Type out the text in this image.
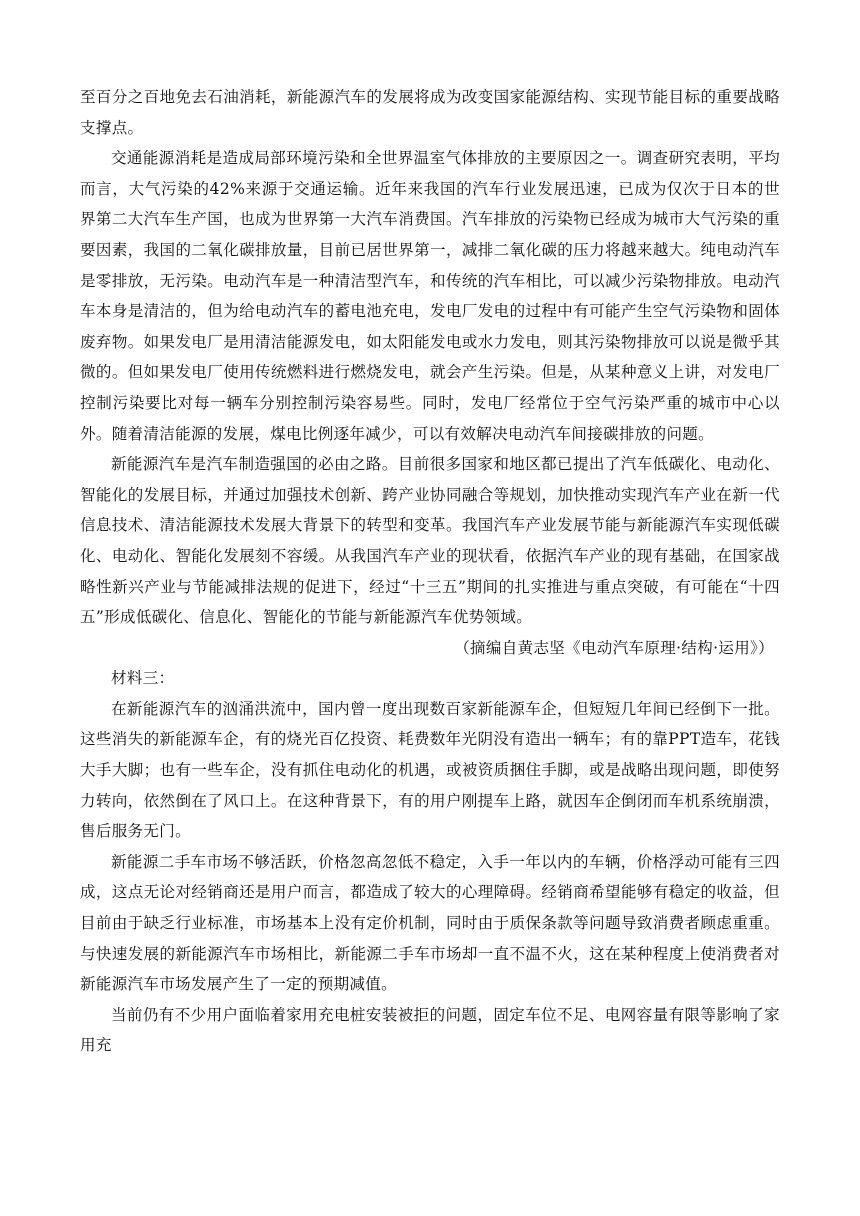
至百分之百地免去石油消耗，新能源汽车的发展将成为改变国家能源结构、实现节能目标的重要战略支撑点。

交通能源消耗是造成局部环境污染和全世界温室气体排放的主要原因之一。调查研究表明，平均而言，大气污染的42%来源于交通运输。近年来我国的汽车行业发展迅速，已成为仅次于日本的世界第二大汽车生产国，也成为世界第一大汽车消费国。汽车排放的污染物已经成为城市大气污染的重要因素，我国的二氧化碳排放量，目前已居世界第一，减排二氧化碳的压力将越来越大。纯电动汽车是零排放，无污染。电动汽车是一种清洁型汽车，和传统的汽车相比，可以减少污染物排放。电动汽车本身是清洁的，但为给电动汽车的蓄电池充电，发电厂发电的过程中有可能产生空气污染物和固体废弃物。如果发电厂是用清洁能源发电，如太阳能发电或水力发电，则其污染物排放可以说是微乎其微的。但如果发电厂使用传统燃料进行燃烧发电，就会产生污染。但是，从某种意义上讲，对发电厂控制污染要比对每一辆车分别控制污染容易些。同时，发电厂经常位于空气污染严重的城市中心以外。随着清洁能源的发展，煤电比例逐年减少，可以有效解决电动汽车间接碳排放的问题。

新能源汽车是汽车制造强国的必由之路。目前很多国家和地区都已提出了汽车低碳化、电动化、智能化的发展目标，并通过加强技术创新、跨产业协同融合等规划，加快推动实现汽车产业在新一代信息技术、清洁能源技术发展大背景下的转型和变革。我国汽车产业发展节能与新能源汽车实现低碳化、电动化、智能化发展刻不容缓。从我国汽车产业的现状看，依据汽车产业的现有基础，在国家战略性新兴产业与节能减排法规的促进下，经过“十三五”期间的扎实推进与重点突破，有可能在“十四五”形成低碳化、信息化、智能化的节能与新能源汽车优势领域。

（摘编自黄志坚《电动汽车原理·结构·运用》）

材料三：

在新能源汽车的汹涌洪流中，国内曾一度出现数百家新能源车企，但短短几年间已经倒下一批。这些消失的新能源车企，有的烧光百亿投资、耗费数年光阴没有造出一辆车；有的靠PPT造车，花钱大手大脚；也有一些车企，没有抓住电动化的机遇，或被资质捆住手脚，或是战略出现问题，即使努力转向，依然倒在了风口上。在这种背景下，有的用户刚提车上路，就因车企倒闭而车机系统崩溃，售后服务无门。

新能源二手车市场不够活跃，价格忽高忽低不稳定，入手一年以内的车辆，价格浮动可能有三四成，这点无论对经销商还是用户而言，都造成了较大的心理障碍。经销商希望能够有稳定的收益，但目前由于缺乏行业标准，市场基本上没有定价机制，同时由于质保条款等问题导致消费者顾虑重重。与快速发展的新能源汽车市场相比，新能源二手车市场却一直不温不火，这在某种程度上使消费者对新能源汽车市场发展产生了一定的预期减值。

当前仍有不少用户面临着家用充电桩安装被拒的问题，固定车位不足、电网容量有限等影响了家用充
